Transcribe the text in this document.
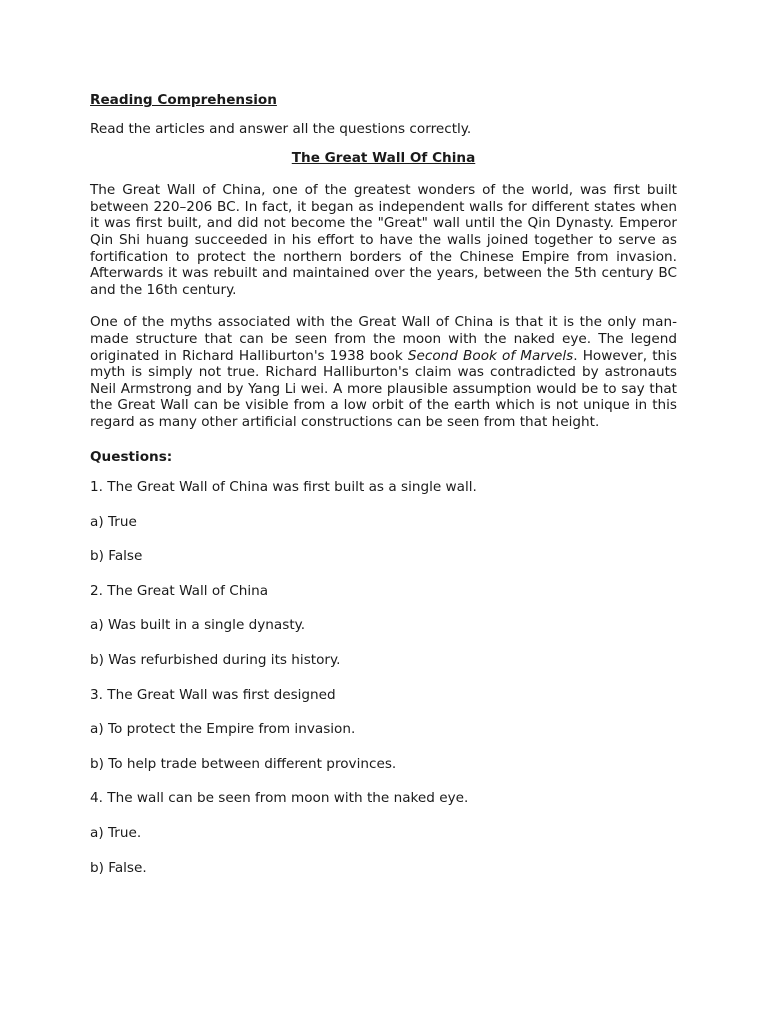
Reading Comprehension

Read the articles and answer all the questions correctly.

The Great Wall Of China

The Great Wall of China, one of the greatest wonders of the world, was first built between 220–206 BC. In fact, it began as independent walls for different states when it was first built, and did not become the "Great" wall until the Qin Dynasty. Emperor Qin Shi huang succeeded in his effort to have the walls joined together to serve as fortification to protect the northern borders of the Chinese Empire from invasion. Afterwards it was rebuilt and maintained over the years, between the 5th century BC and the 16th century.

One of the myths associated with the Great Wall of China is that it is the only man-made structure that can be seen from the moon with the naked eye. The legend originated in Richard Halliburton's 1938 book Second Book of Marvels. However, this myth is simply not true. Richard Halliburton's claim was contradicted by astronauts Neil Armstrong and by Yang Li wei. A more plausible assumption would be to say that the Great Wall can be visible from a low orbit of the earth which is not unique in this regard as many other artificial constructions can be seen from that height.

Questions:

1. The Great Wall of China was first built as a single wall.

a) True

b) False

2. The Great Wall of China

a) Was built in a single dynasty.

b) Was refurbished during its history.

3. The Great Wall was first designed

a) To protect the Empire from invasion.

b) To help trade between different provinces.

4. The wall can be seen from moon with the naked eye.

a) True.

b) False.
